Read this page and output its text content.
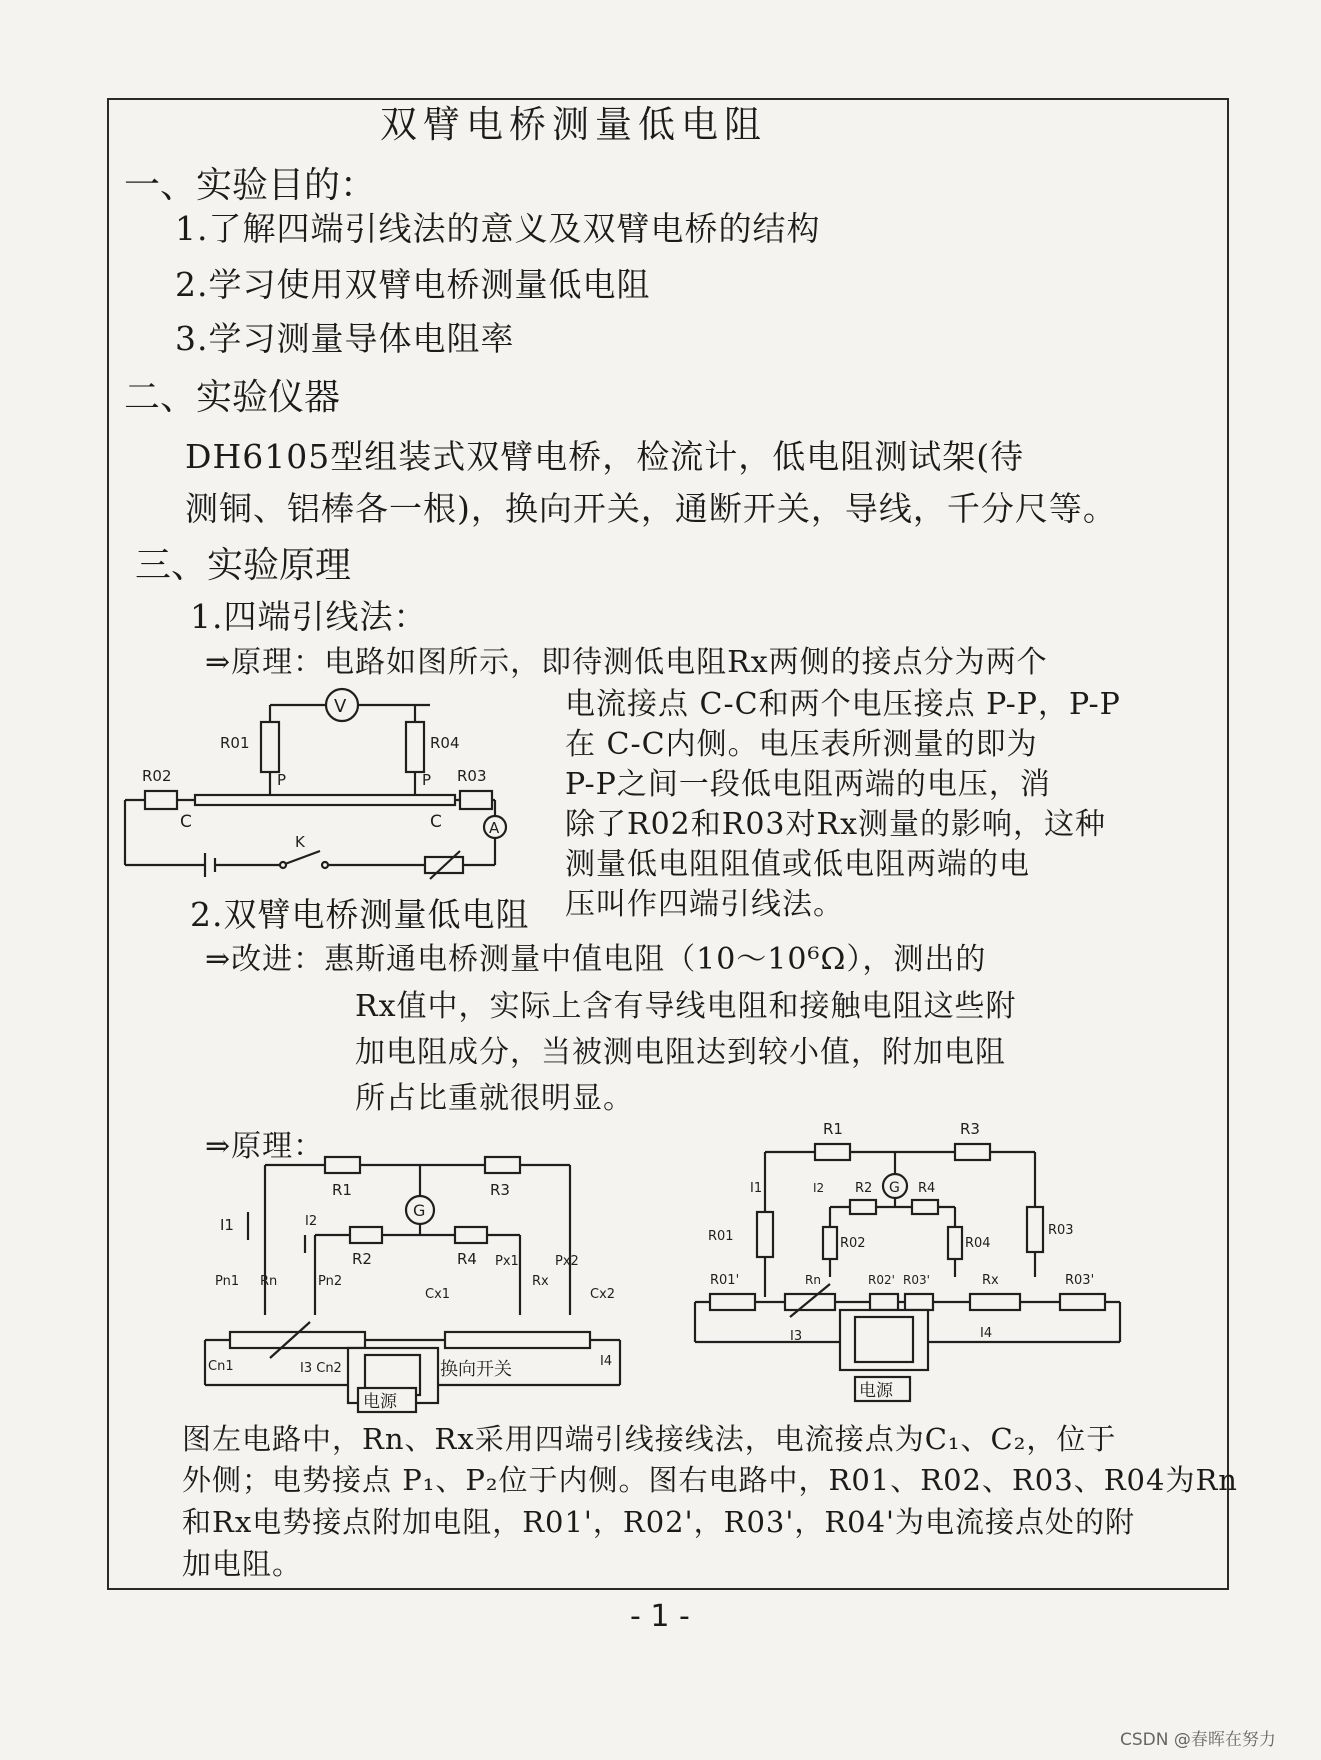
双臂电桥测量低电阻
一、实验目的：
1.了解四端引线法的意义及双臂电桥的结构
2.学习使用双臂电桥测量低电阻
3.学习测量导体电阻率
二、实验仪器
DH6105型组装式双臂电桥，检流计，低电阻测试架(待
测铜、铝棒各一根)，换向开关，通断开关，导线，千分尺等。
三、实验原理
1.四端引线法：
⇒原理：电路如图所示，即待测低电阻Rx两侧的接点分为两个
电流接点 C-C和两个电压接点 P-P，P-P
在 C-C内侧。电压表所测量的即为
P-P之间一段低电阻两端的电压，消
除了R02和R03对Rx测量的影响，这种
测量低电阻阻值或低电阻两端的电
压叫作四端引线法。
V
R01	R04
P	P
R02	R03
C	C	A
K
2.双臂电桥测量低电阻
⇒改进：惠斯通电桥测量中值电阻（10～10⁶Ω），测出的
Rx值中，实际上含有导线电阻和接触电阻这些附
加电阻成分，当被测电阻达到较小值，附加电阻
所占比重就很明显。
⇒原理：
R1	R3
G
R2	R4
I1	I2
Px1	Px2
Pn1 Rn	Pn2
Cx1
Rx
Cx2
Cn1	I3 Cn2	I4
换向开关
电源
R1	R3
G
R2	R4
I1	I2
R01	R02	R04
R03
R01'	Rn	R02' R03'	Rx	R03'
I3	I4
电源
图左电路中，Rn、Rx采用四端引线接线法，电流接点为C₁、C₂，位于
外侧；电势接点 P₁、P₂位于内侧。图右电路中，R01、R02、R03、R04为Rn
和Rx电势接点附加电阻，R01'，R02'，R03'，R04'为电流接点处的附
加电阻。
- 1 -
CSDN @春晖在努力
